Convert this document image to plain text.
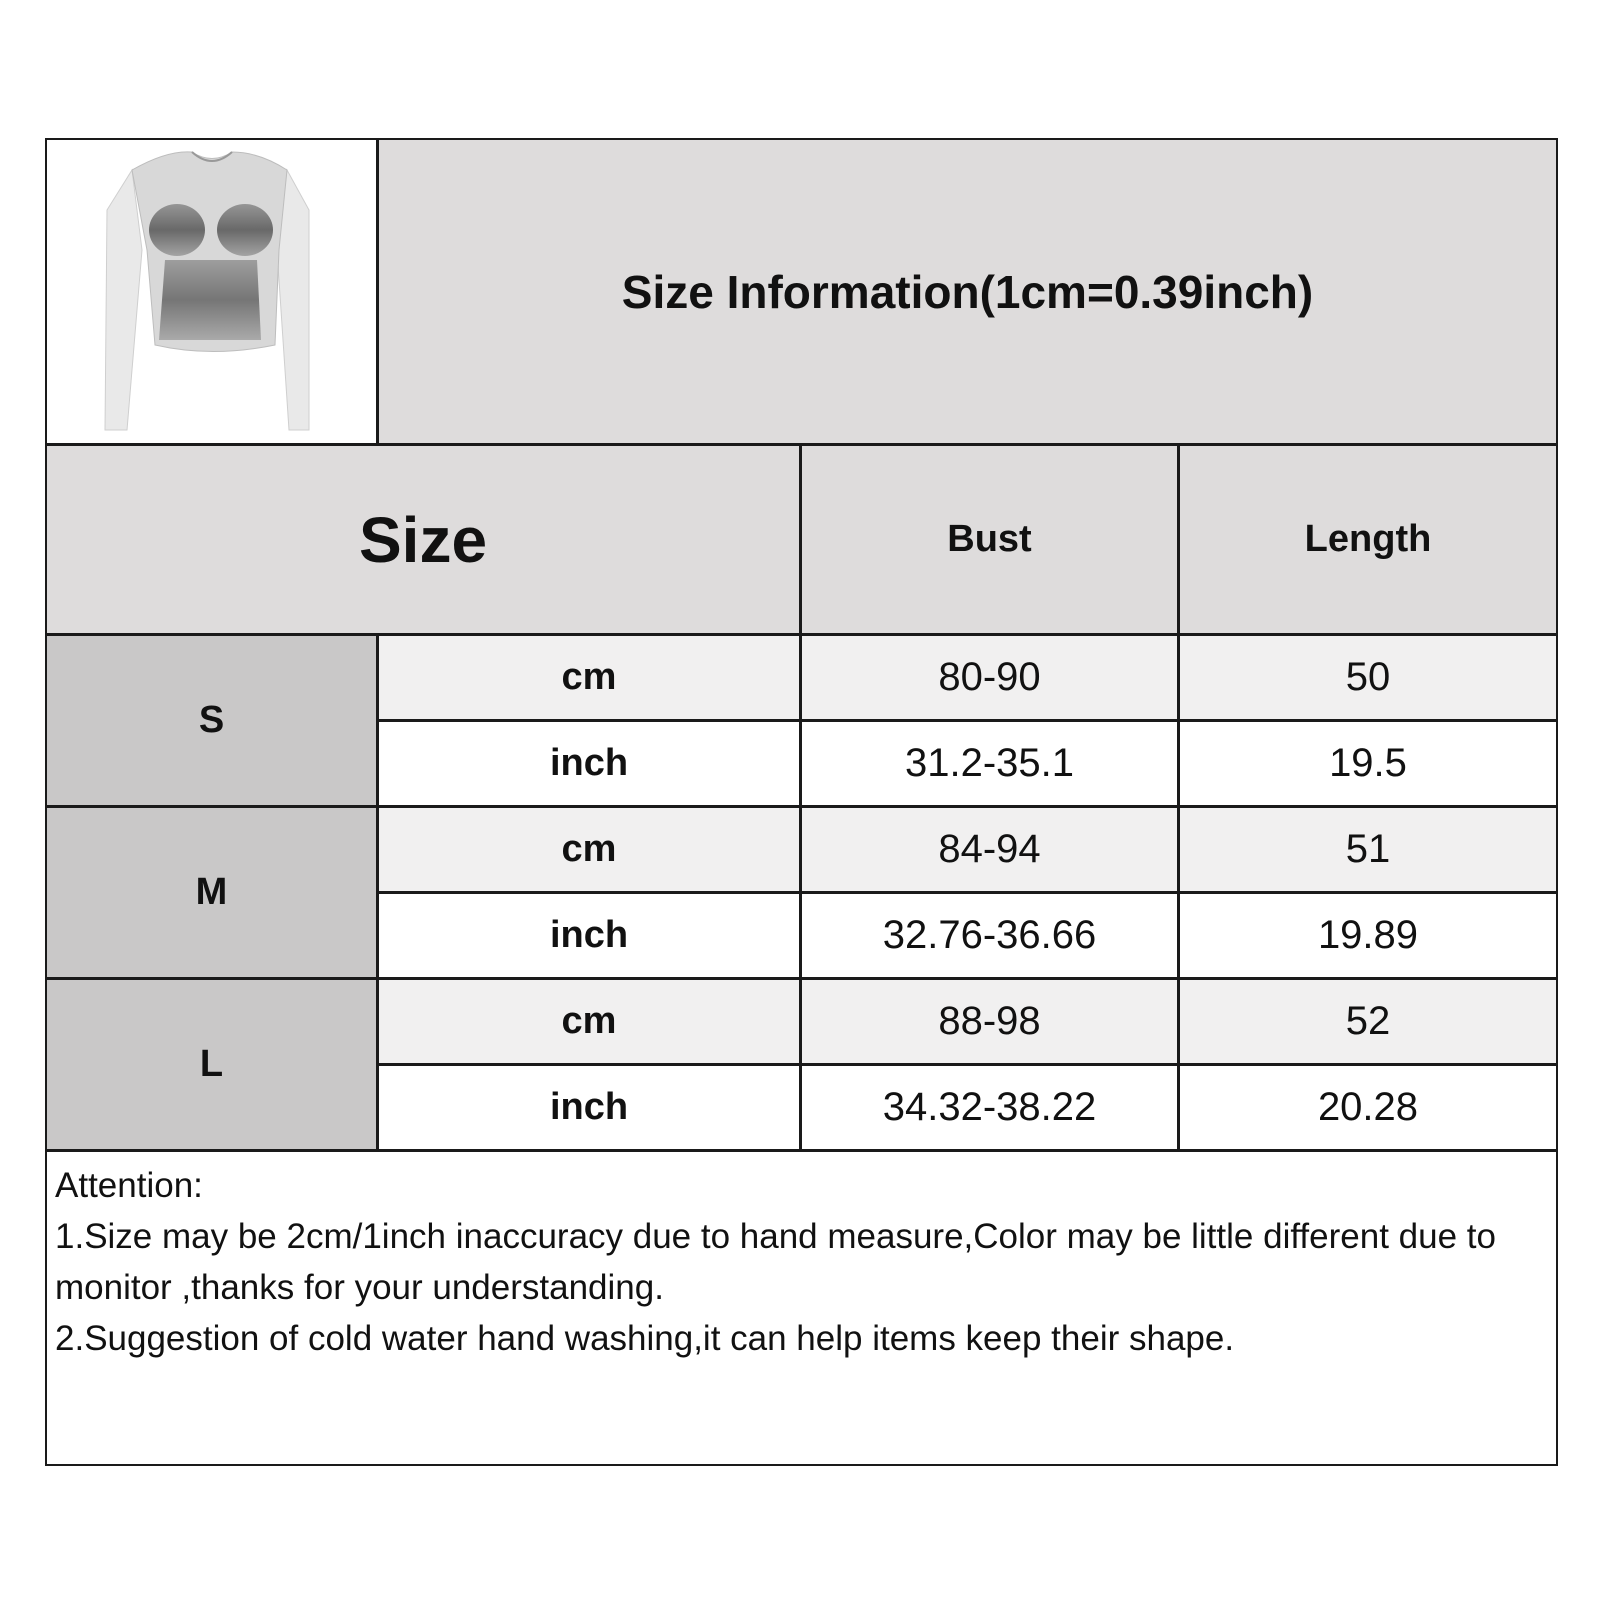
Size Information(1cm=0.39inch)
Size	Bust	Length
S
cm	80-90	50
inch	31.2-35.1	19.5
M
cm	84-94	51
inch	32.76-36.66	19.89
L
cm	88-98	52
inch	34.32-38.22	20.28
Attention:
1.Size may be 2cm/1inch inaccuracy due to hand measure,Color may be little different due to monitor ,thanks for your understanding.
2.Suggestion of cold water hand washing,it can help items keep their shape.
